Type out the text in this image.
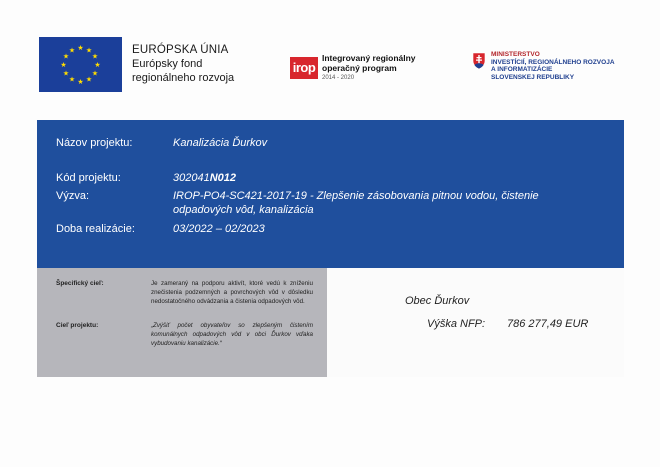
★ ★
★
★
★
★
★
★
★
★
★
★	EURÓPSKA ÚNIA
Európsky fond
regionálneho rozvoja
irop
Integrovaný regionálny
operačný program
2014 - 2020
MINISTERSTVO
INVESTÍCIÍ, REGIONÁLNEHO ROZVOJA
A INFORMATIZÁCIE
SLOVENSKEJ REPUBLIKY
Názov projektu:	Kanalizácia Ďurkov
Kód projektu:	302041N012
Výzva:	IROP-PO4-SC421-2017-19 - Zlepšenie zásobovania pitnou vodou, čistenie
odpadových vôd, kanalizácia
Doba realizácie:	03/2022 – 02/2023
Špecifický cieľ:	Je zameraný na podporu aktivít, ktoré vedú k zníženiu znečistenia podzemných a povrchových vôd v dôsledku nedostatočného odvádzania a čistenia odpadových vôd.
Cieľ projektu:	„Zvýšiť počet obyvateľov so zlepšeným čistením komunálnych odpadových vôd v obci Ďurkov vďaka vybudovaniu kanalizácie.“
Obec Ďurkov
Výška NFP: 786 277,49 EUR
